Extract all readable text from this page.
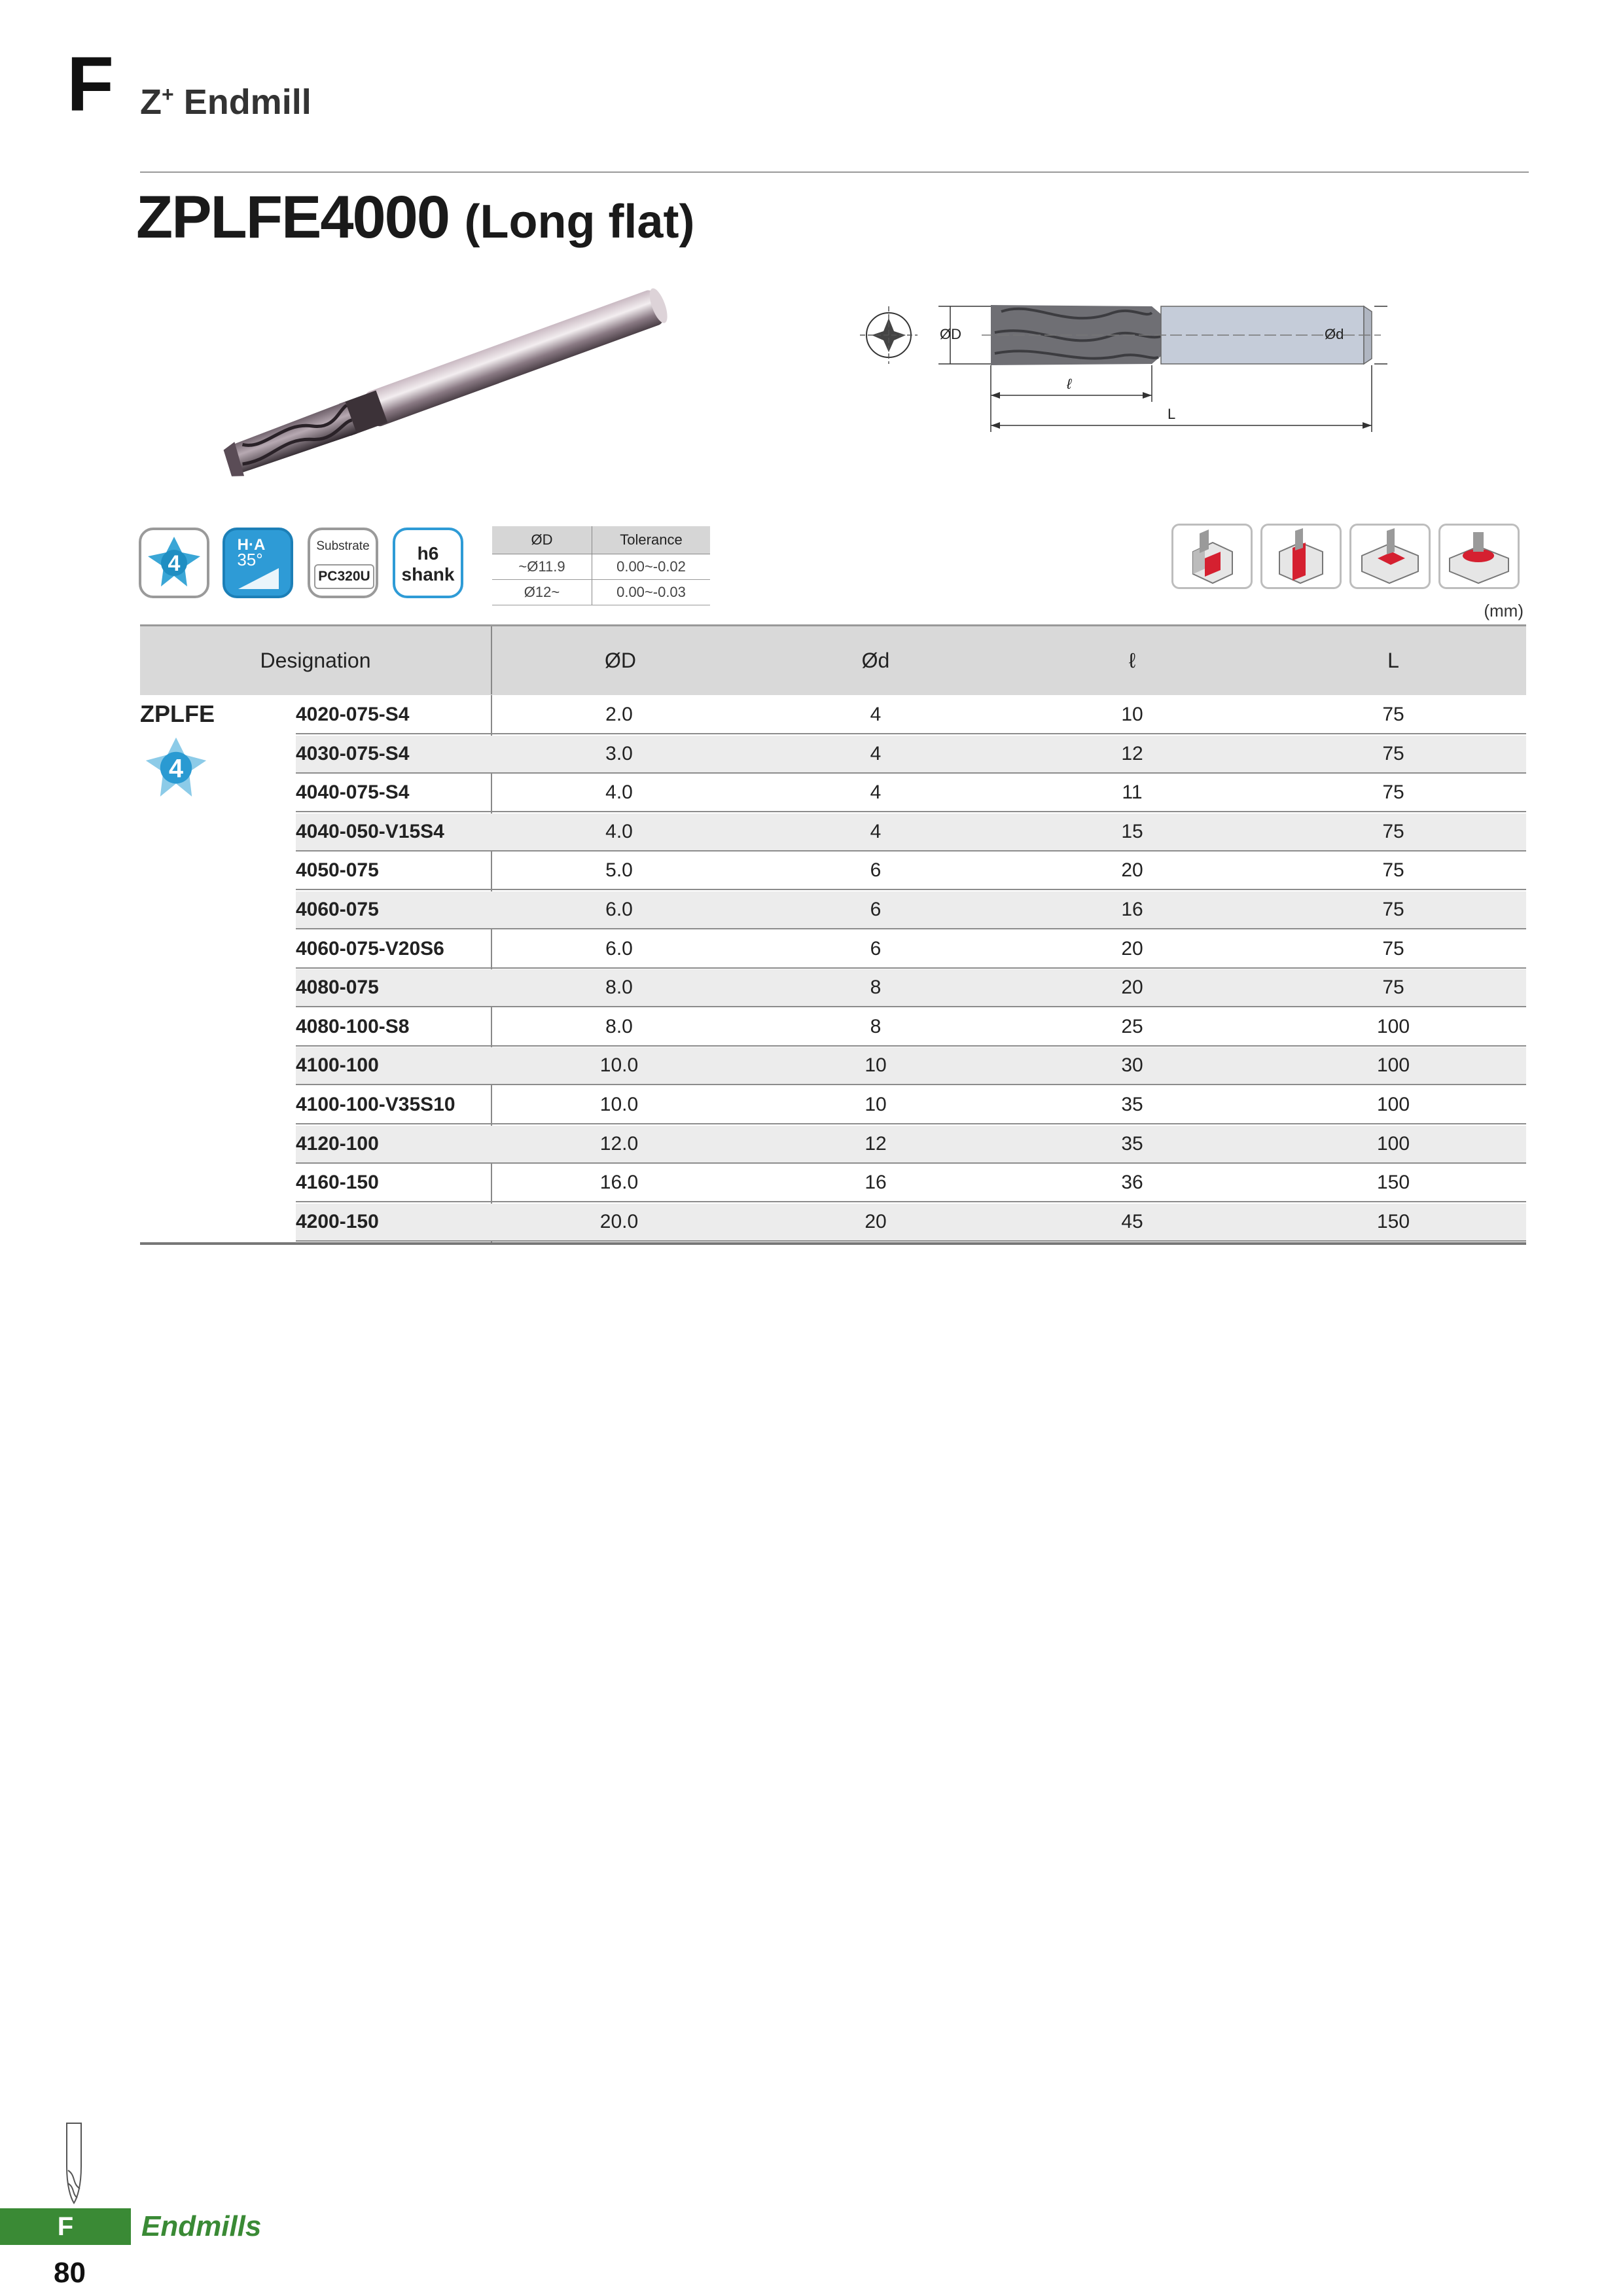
F Z+ Endmill
ZPLFE4000 (Long flat)
ØD	Ød
ℓ
L
4
H·A
35°
Substrate
PC320U
h6
shank
ØD	Tolerance
~Ø11.9	0.00~-0.02
Ø12~	0.00~-0.03
(mm)
Designation	ØD	Ød	ℓ	L
ZPLFE
4
4020-075-S4	2.0	4	10	75
4030-075-S4	3.0	4	12	75
4040-075-S4	4.0	4	11	75
4040-050-V15S4	4.0	4	15	75
4050-075	5.0	6	20	75
4060-075	6.0	6	16	75
4060-075-V20S6	6.0	6	20	75
4080-075	8.0	8	20	75
4080-100-S8	8.0	8	25	100
4100-100	10.0	10	30	100
4100-100-V35S10	10.0	10	35	100
4120-100	12.0	12	35	100
4160-150	16.0	16	36	150
4200-150	20.0	20	45	150
F	Endmills
80
